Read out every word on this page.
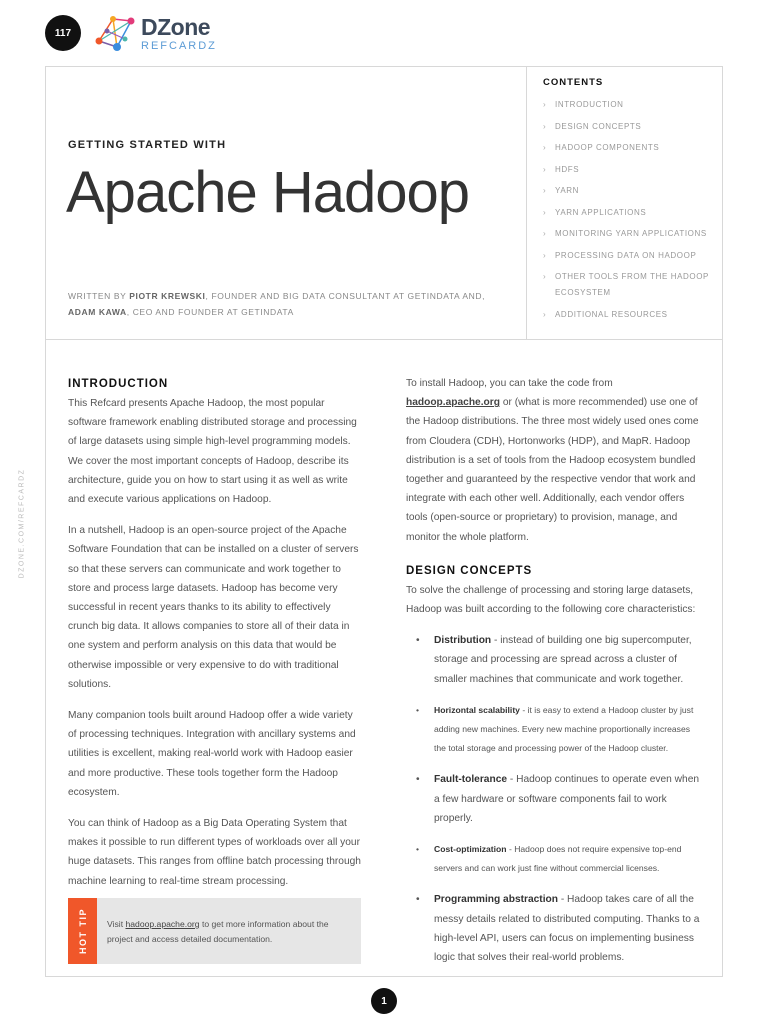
117	DZone
REFCARDZ
DZONE.COM/REFCARDZ
GETTING STARTED WITH
Apache Hadoop
WRITTEN BY PIOTR KREWSKI, FOUNDER AND BIG DATA CONSULTANT AT GETINDATA AND, ADAM KAWA, CEO AND FOUNDER AT GETINDATA
CONTENTS
› INTRODUCTION
› DESIGN CONCEPTS
› HADOOP COMPONENTS
› HDFS
› YARN
› YARN APPLICATIONS
› MONITORING YARN APPLICATIONS
› PROCESSING DATA ON HADOOP
› OTHER TOOLS FROM THE HADOOP ECOSYSTEM
› ADDITIONAL RESOURCES
INTRODUCTION

This Refcard presents Apache Hadoop, the most popular software framework enabling distributed storage and processing of large datasets using simple high-level programming models. We cover the most important concepts of Hadoop, describe its architecture, guide you on how to start using it as well as write and execute various applications on Hadoop.

In a nutshell, Hadoop is an open-source project of the Apache Software Foundation that can be installed on a cluster of servers so that these servers can communicate and work together to store and process large datasets. Hadoop has become very successful in recent years thanks to its ability to effectively crunch big data. It allows companies to store all of their data in one system and perform analysis on this data that would be otherwise impossible or very expensive to do with traditional solutions.

Many companion tools built around Hadoop offer a wide variety of processing techniques. Integration with ancillary systems and utilities is excellent, making real-world work with Hadoop easier and more productive. These tools together form the Hadoop ecosystem.

You can think of Hadoop as a Big Data Operating System that makes it possible to run different types of workloads over all your huge datasets. This ranges from offline batch processing through machine learning to real-time stream processing.

HOT TIP Visit hadoop.apache.org to get more information about the project and access detailed documentation.

To install Hadoop, you can take the code from hadoop.apache.org or (what is more recommended) use one of the Hadoop distributions. The three most widely used ones come from Cloudera (CDH), Hortonworks (HDP), and MapR. Hadoop distribution is a set of tools from the Hadoop ecosystem bundled together and guaranteed by the respective vendor that work and integrate with each other well. Additionally, each vendor offers tools (open-source or proprietary) to provision, manage, and monitor the whole platform.

DESIGN CONCEPTS

To solve the challenge of processing and storing large datasets, Hadoop was built according to the following core characteristics:

• Distribution - instead of building one big supercomputer, storage and processing are spread across a cluster of smaller machines that communicate and work together.
• Horizontal scalability - it is easy to extend a Hadoop cluster by just adding new machines. Every new machine proportionally increases the total storage and processing power of the Hadoop cluster.
• Fault-tolerance - Hadoop continues to operate even when a few hardware or software components fail to work properly.
• Cost-optimization - Hadoop does not require expensive top-end servers and can work just fine without commercial licenses.
• Programming abstraction - Hadoop takes care of all the messy details related to distributed computing. Thanks to a high-level API, users can focus on implementing business logic that solves their real-world problems.
1
